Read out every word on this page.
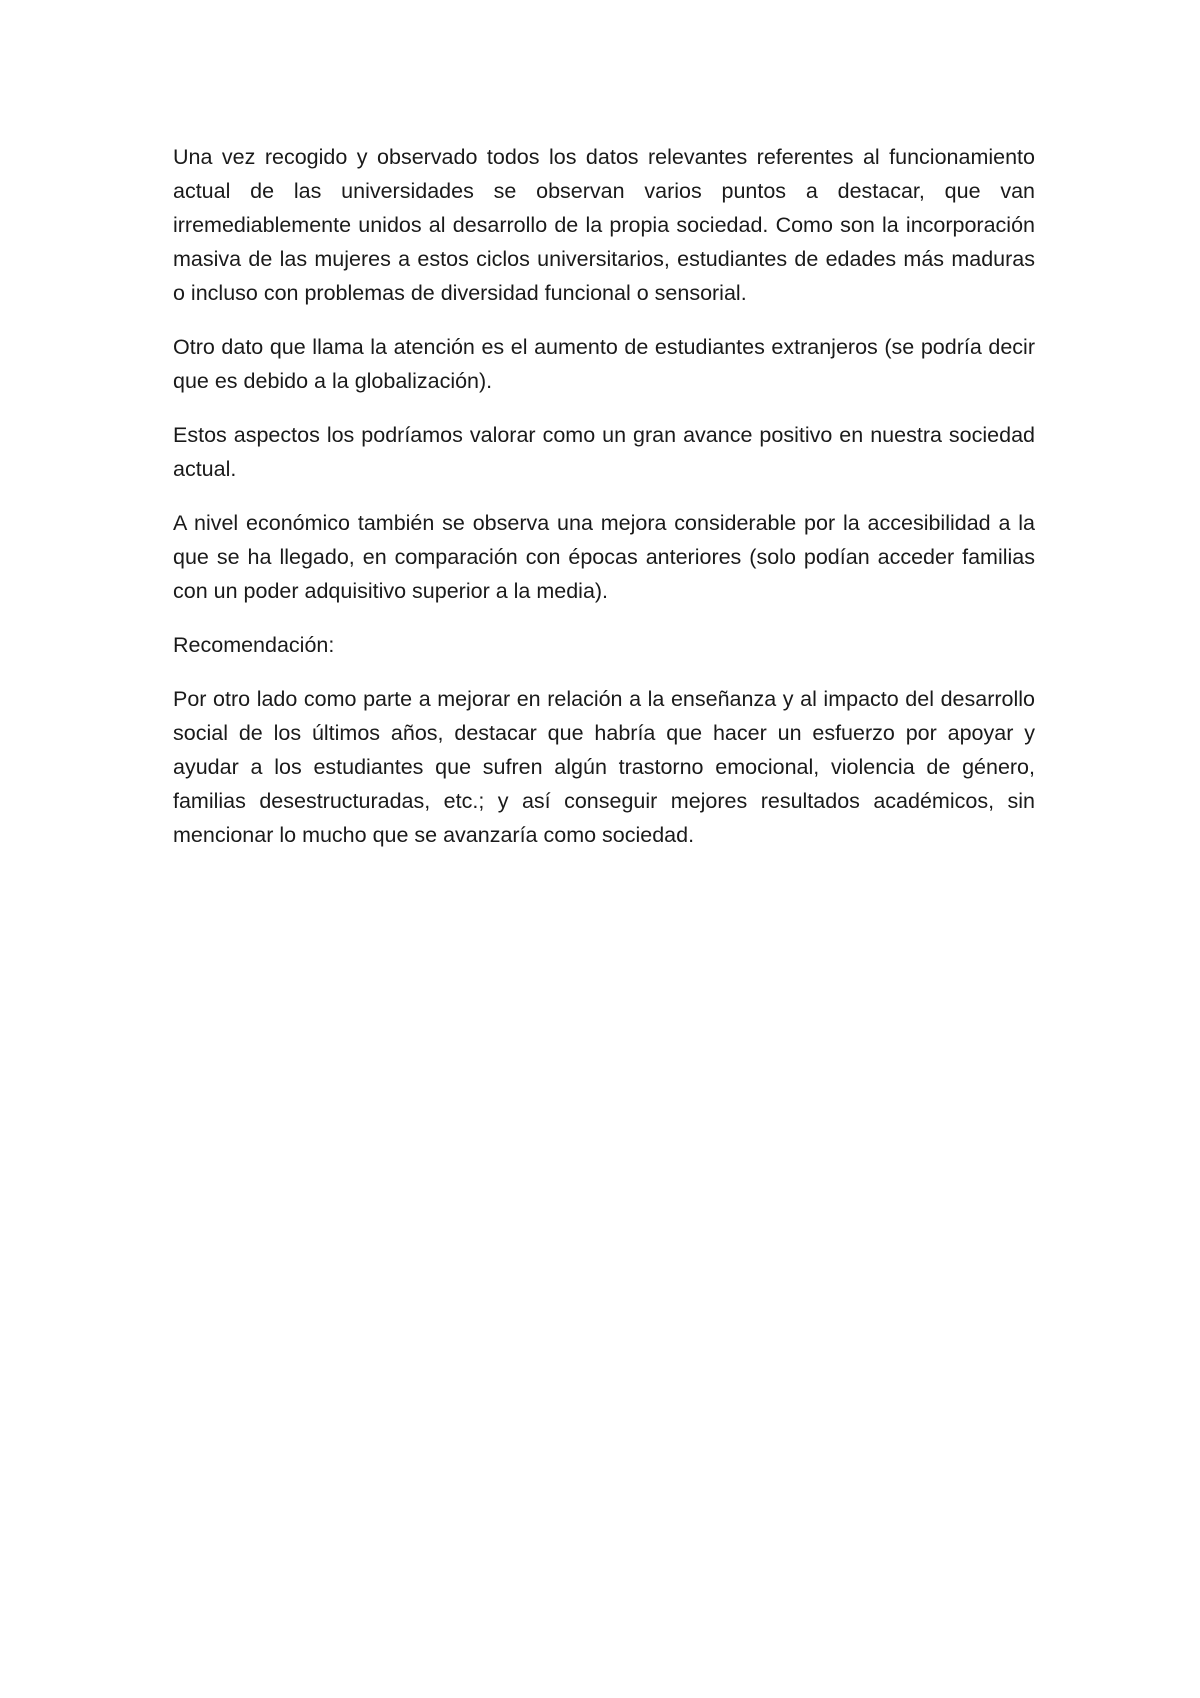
Una vez recogido y observado todos los datos relevantes referentes al funcionamiento actual de las universidades se observan varios puntos a destacar, que van irremediablemente unidos al desarrollo de la propia sociedad. Como son la incorporación masiva de las mujeres a estos ciclos universitarios, estudiantes de edades más maduras o incluso con problemas de diversidad funcional o sensorial.

Otro dato que llama la atención es el aumento de estudiantes extranjeros (se podría decir que es debido a la globalización).

Estos aspectos los podríamos valorar como un gran avance positivo en nuestra sociedad actual.

A nivel económico también se observa una mejora considerable por la accesibilidad a la que se ha llegado, en comparación con épocas anteriores (solo podían acceder familias con un poder adquisitivo superior a la media).

Recomendación:

Por otro lado como parte a mejorar en relación a la enseñanza y al impacto del desarrollo social de los últimos años, destacar que habría que hacer un esfuerzo por apoyar y ayudar a los estudiantes que sufren algún trastorno emocional, violencia de género, familias desestructuradas, etc.; y así conseguir mejores resultados académicos, sin mencionar lo mucho que se avanzaría como sociedad.
